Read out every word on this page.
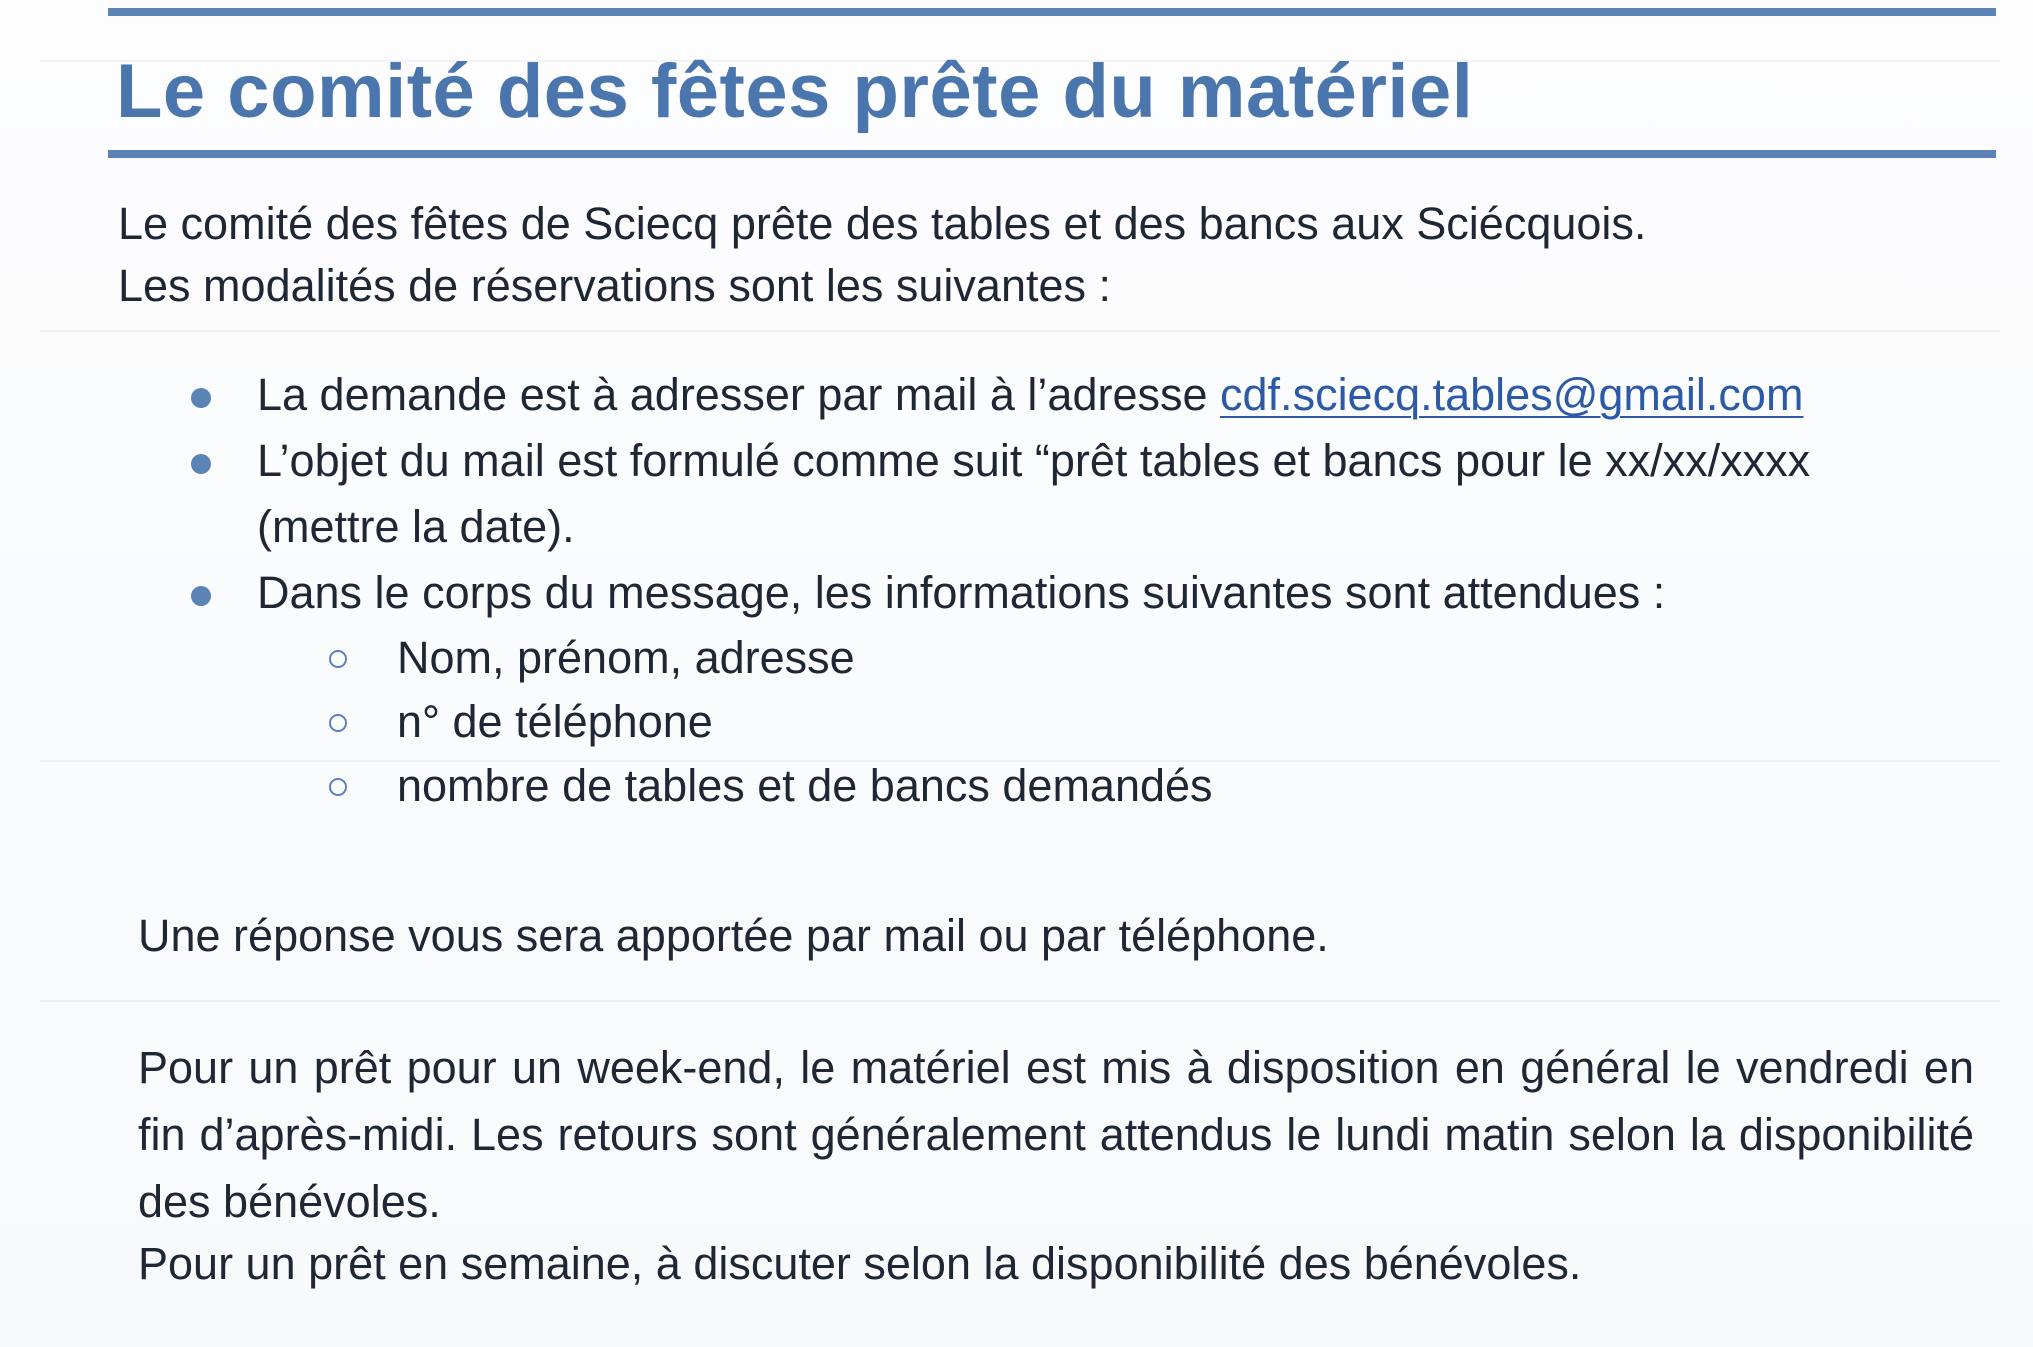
Le comité des fêtes prête du matériel

Le comité des fêtes de Sciecq prête des tables et des bancs aux Sciécquois.

Les modalités de réservations sont les suivantes :

La demande est à adresser par mail à l’adresse cdf.sciecq.tables@gmail.com
L’objet du mail est formulé comme suit “prêt tables et bancs pour le xx/xx/xxxx
(mettre la date).
Dans le corps du message, les informations suivantes sont attendues :
Nom, prénom, adresse
n° de téléphone
nombre de tables et de bancs demandés

Une réponse vous sera apportée par mail ou par téléphone.

Pour un prêt pour un week-end, le matériel est mis à disposition en général le vendredi en fin d’après-midi. Les retours sont généralement attendus le lundi matin selon la disponibilité des bénévoles.

Pour un prêt en semaine, à discuter selon la disponibilité des bénévoles.
